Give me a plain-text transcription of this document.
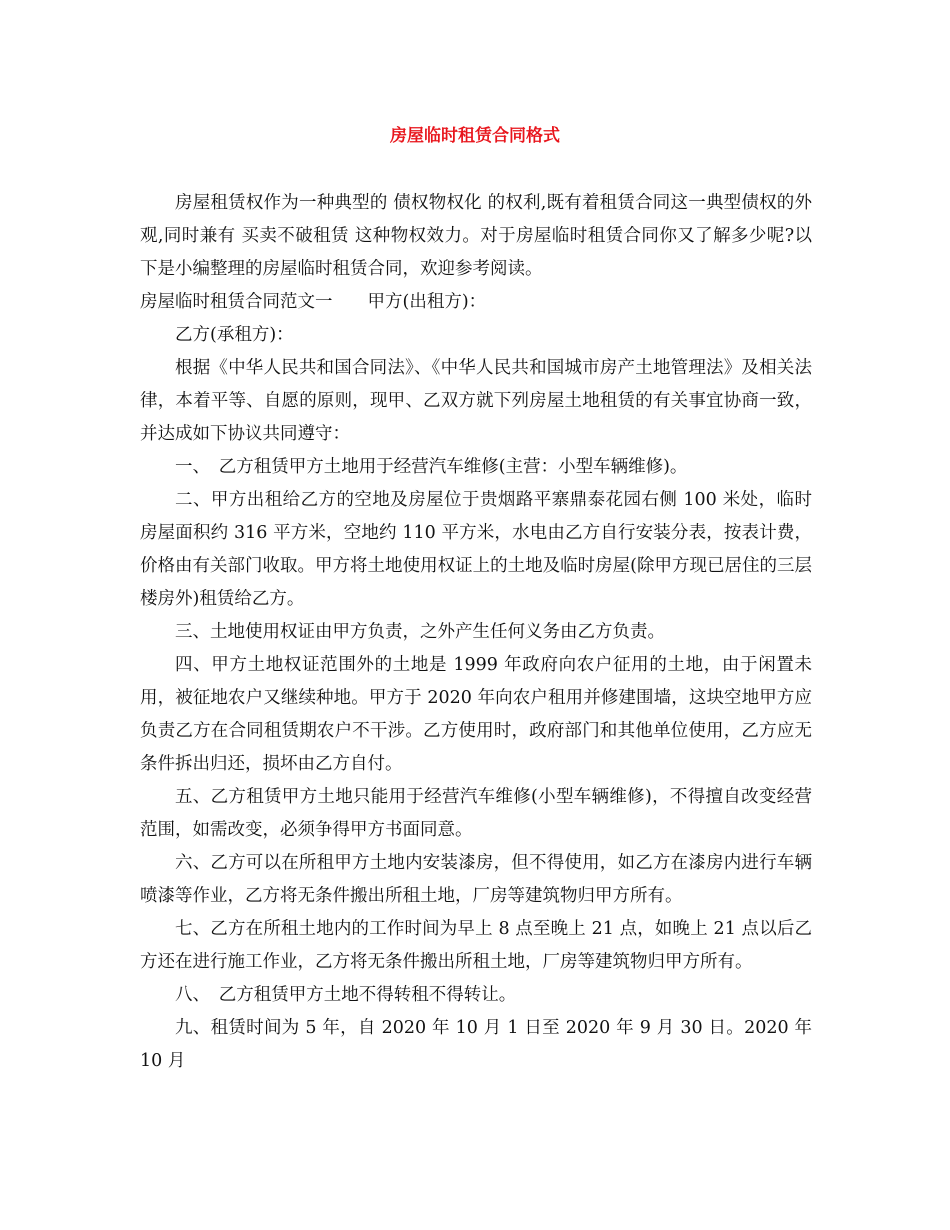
房屋临时租赁合同格式

房屋租赁权作为一种典型的 债权物权化 的权利,既有着租赁合同这一典型债权的外观,同时兼有 买卖不破租赁 这种物权效力。对于房屋临时租赁合同你又了解多少呢?以下是小编整理的房屋临时租赁合同，欢迎参考阅读。

房屋临时租赁合同范文一　　甲方(出租方)：

乙方(承租方)：

根据《中华人民共和国合同法》、《中华人民共和国城市房产土地管理法》及相关法律，本着平等、自愿的原则，现甲、乙双方就下列房屋土地租赁的有关事宜协商一致，并达成如下协议共同遵守：

一、　乙方租赁甲方土地用于经营汽车维修(主营：小型车辆维修)。

二、甲方出租给乙方的空地及房屋位于贵烟路平寨鼎泰花园右侧 100 米处，临时房屋面积约 316 平方米，空地约 110 平方米，水电由乙方自行安装分表，按表计费，价格由有关部门收取。甲方将土地使用权证上的土地及临时房屋(除甲方现已居住的三层楼房外)租赁给乙方。

三、土地使用权证由甲方负责，之外产生任何义务由乙方负责。

四、甲方土地权证范围外的土地是 1999 年政府向农户征用的土地，由于闲置未用，被征地农户又继续种地。甲方于 2020 年向农户租用并修建围墙，这块空地甲方应负责乙方在合同租赁期农户不干涉。乙方使用时，政府部门和其他单位使用，乙方应无条件拆出归还，损坏由乙方自付。

五、乙方租赁甲方土地只能用于经营汽车维修(小型车辆维修)，不得擅自改变经营范围，如需改变，必须争得甲方书面同意。

六、乙方可以在所租甲方土地内安装漆房，但不得使用，如乙方在漆房内进行车辆喷漆等作业，乙方将无条件搬出所租土地，厂房等建筑物归甲方所有。

七、乙方在所租土地内的工作时间为早上 8 点至晚上 21 点，如晚上 21 点以后乙方还在进行施工作业，乙方将无条件搬出所租土地，厂房等建筑物归甲方所有。

八、　乙方租赁甲方土地不得转租不得转让。

九、租赁时间为 5 年，自 2020 年 10 月 1 日至 2020 年 9 月 30 日。2020 年 10 月
